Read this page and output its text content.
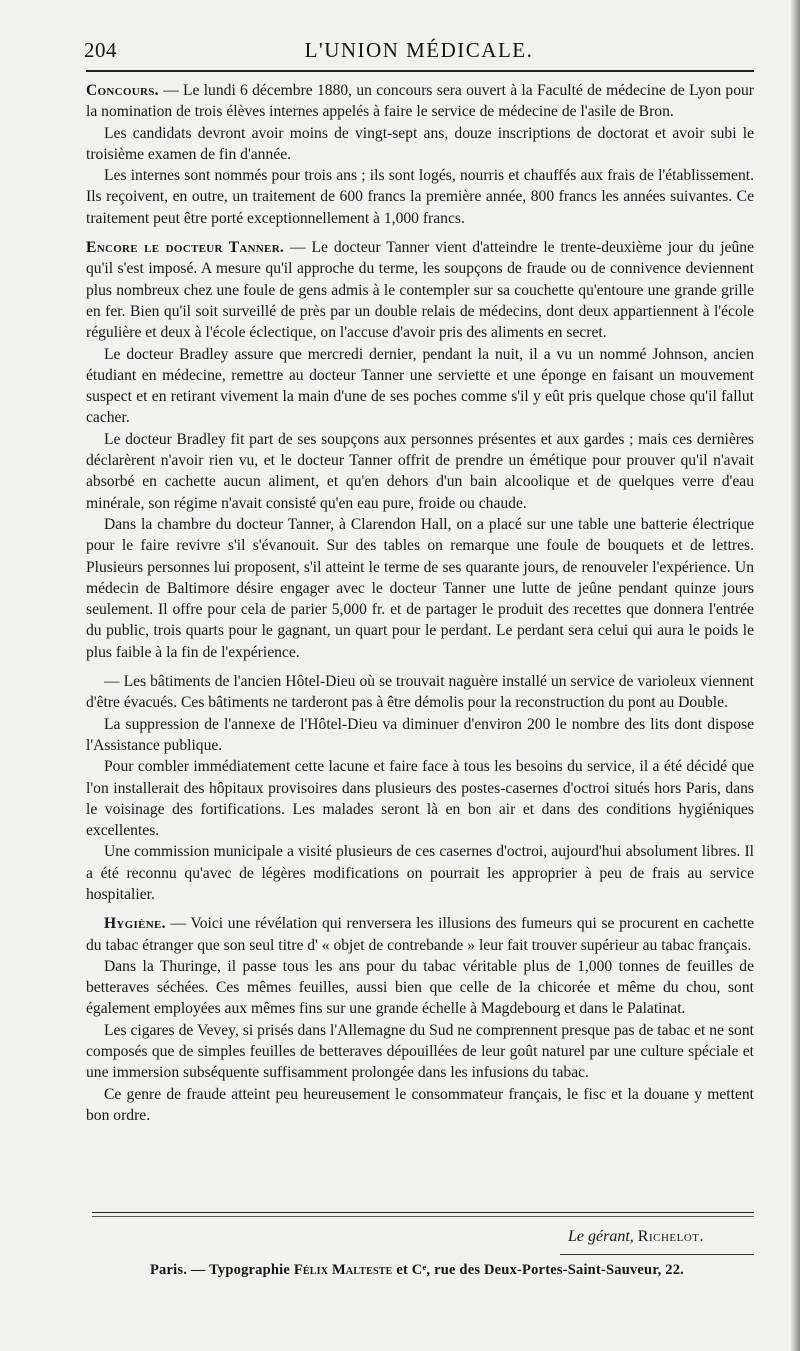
204	L'UNION MÉDICALE.

Concours. — Le lundi 6 décembre 1880, un concours sera ouvert à la Faculté de médecine de Lyon pour la nomination de trois élèves internes appelés à faire le service de médecine de l'asile de Bron.

Les candidats devront avoir moins de vingt-sept ans, douze inscriptions de doctorat et avoir subi le troisième examen de fin d'année.

Les internes sont nommés pour trois ans ; ils sont logés, nourris et chauffés aux frais de l'établissement. Ils reçoivent, en outre, un traitement de 600 francs la première année, 800 francs les années suivantes. Ce traitement peut être porté exceptionnellement à 1,000 francs.

Encore le docteur Tanner. — Le docteur Tanner vient d'atteindre le trente-deuxième jour du jeûne qu'il s'est imposé. A mesure qu'il approche du terme, les soupçons de fraude ou de connivence deviennent plus nombreux chez une foule de gens admis à le contempler sur sa couchette qu'entoure une grande grille en fer. Bien qu'il soit surveillé de près par un double relais de médecins, dont deux appartiennent à l'école régulière et deux à l'école éclectique, on l'accuse d'avoir pris des aliments en secret.

Le docteur Bradley assure que mercredi dernier, pendant la nuit, il a vu un nommé Johnson, ancien étudiant en médecine, remettre au docteur Tanner une serviette et une éponge en faisant un mouvement suspect et en retirant vivement la main d'une de ses poches comme s'il y eût pris quelque chose qu'il fallut cacher.

Le docteur Bradley fit part de ses soupçons aux personnes présentes et aux gardes ; mais ces dernières déclarèrent n'avoir rien vu, et le docteur Tanner offrit de prendre un émétique pour prouver qu'il n'avait absorbé en cachette aucun aliment, et qu'en dehors d'un bain alcoolique et de quelques verre d'eau minérale, son régime n'avait consisté qu'en eau pure, froide ou chaude.

Dans la chambre du docteur Tanner, à Clarendon Hall, on a placé sur une table une batterie électrique pour le faire revivre s'il s'évanouit. Sur des tables on remarque une foule de bouquets et de lettres. Plusieurs personnes lui proposent, s'il atteint le terme de ses quarante jours, de renouveler l'expérience. Un médecin de Baltimore désire engager avec le docteur Tanner une lutte de jeûne pendant quinze jours seulement. Il offre pour cela de parier 5,000 fr. et de partager le produit des recettes que donnera l'entrée du public, trois quarts pour le gagnant, un quart pour le perdant. Le perdant sera celui qui aura le poids le plus faible à la fin de l'expérience.

— Les bâtiments de l'ancien Hôtel-Dieu où se trouvait naguère installé un service de varioleux viennent d'être évacués. Ces bâtiments ne tarderont pas à être démolis pour la reconstruction du pont au Double.

La suppression de l'annexe de l'Hôtel-Dieu va diminuer d'environ 200 le nombre des lits dont dispose l'Assistance publique.

Pour combler immédiatement cette lacune et faire face à tous les besoins du service, il a été décidé que l'on installerait des hôpitaux provisoires dans plusieurs des postes-casernes d'octroi situés hors Paris, dans le voisinage des fortifications. Les malades seront là en bon air et dans des conditions hygiéniques excellentes.

Une commission municipale a visité plusieurs de ces casernes d'octroi, aujourd'hui absolument libres. Il a été reconnu qu'avec de légères modifications on pourrait les approprier à peu de frais au service hospitalier.

Hygiène. — Voici une révélation qui renversera les illusions des fumeurs qui se procurent en cachette du tabac étranger que son seul titre d' « objet de contrebande » leur fait trouver supérieur au tabac français.

Dans la Thuringe, il passe tous les ans pour du tabac véritable plus de 1,000 tonnes de feuilles de betteraves séchées. Ces mêmes feuilles, aussi bien que celle de la chicorée et même du chou, sont également employées aux mêmes fins sur une grande échelle à Magdebourg et dans le Palatinat.

Les cigares de Vevey, si prisés dans l'Allemagne du Sud ne comprennent presque pas de tabac et ne sont composés que de simples feuilles de betteraves dépouillées de leur goût naturel par une culture spéciale et une immersion subséquente suffisamment prolongée dans les infusions du tabac.

Ce genre de fraude atteint peu heureusement le consommateur français, le fisc et la douane y mettent bon ordre.

Le gérant, Richelot.
Paris. — Typographie Félix Malteste et Cᵉ, rue des Deux-Portes-Saint-Sauveur, 22.
